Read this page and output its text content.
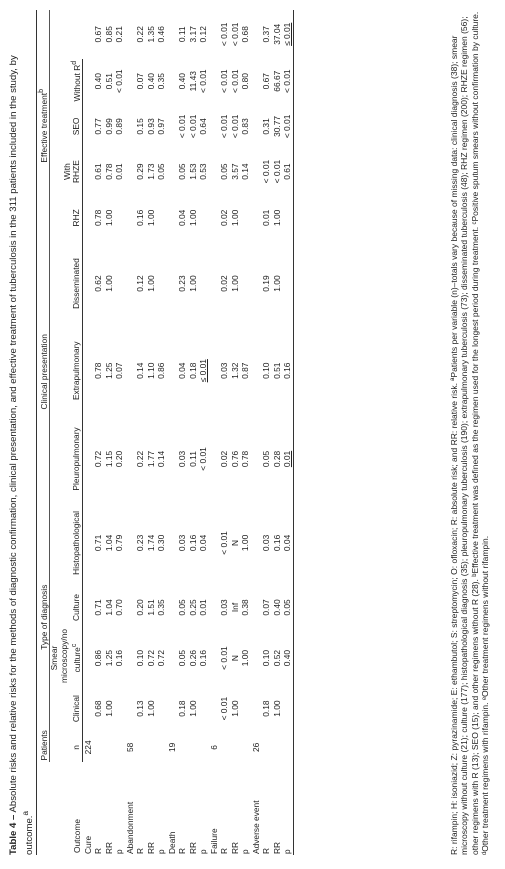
Table 4 – Absolute risks and relative risks for the methods of diagnostic confirmation, clinical presentation, and effective treatment of tuberculosis in the 311 patients included in the study, by outcome.$^a$
Outcome	Patients	Type of diagnosis				Clinical presentation			Effective treatment$^b$
	n	Clinical	Smear microscopy/no culture$^c$	Culture	Histopathological	Pleuropulmonary	Extrapulmonary	Disseminated	RHZ	With RHZE	SEO	Without $R^d$
Cure	224												
R		0.68	0.86	0.71	0.71	0.72	0.78	0.62	0.78	0.61	0.77	0.40	0.67
RR		1.00	1.25	1.04	1.04	1.15	1.25	1.00	1.00	0.78	0.99	0.51	0.85
p			0.16	0.70	0.79	0.20	0.07			0.01	0.89	< 0.01	0.21
Abandonment	58												
R		0.13	0.10	0.20	0.23	0.22	0.14	0.12	0.16	0.29	0.15	0.07	0.22
RR		1.00	0.72	1.51	1.74	1.77	1.10	1.00	1.00	1.73	0.93	0.40	1.35
p			0.72	0.35	0.30	0.14	0.86			0.05	0.97	0.35	0.46
Death	19												
R		0.18	0.05	0.05	0.03	0.03	0.04	0.23	0.04	0.05	< 0.01	0.40	0.11
RR		1.00	0.26	0.25	0.16	0.11	0.18	1.00	1.00	1.53	< 0.01	11.43	3.17
p			0.16	0.01	0.04	< 0.01	≤ 0.01			0.53	0.64	< 0.01	0.12
Failure	6												
R		< 0.01	< 0.01	0.03	< 0.01	0.02	0.03	0.02	0.02	0.05	< 0.01	< 0.01	< 0.01
RR		1.00	N	Inf	N	0.76	1.32	1.00	1.00	3.57	< 0.01	< 0.01	< 0.01
p			1.00	0.38	1.00	0.78	0.87			0.14	0.83	0.80	0.68
Adverse event	26												
R		0.18	0.10	0.07	0.03	0.05	0.10	0.19	0.01	< 0.01	0.31	0.67	0.37
RR		1.00	0.52	0.40	0.16	0.28	0.51	1.00	1.00	< 0.01	30.77	66.67	37.04
p			0.40	0.05	0.04	0.01	0.16			0.61	< 0.01	< 0.01	≤ 0.01
R: rifampin; H: isoniazid; Z: pyrazinamide; E: ethambutol; S: streptomycin; O: ofloxacin; R: absolute risk; and RR: relative risk. ªPatients per variable (n)–totals vary because of missing data: clinical diagnosis (38); smear microscopy without culture (21); culture (177); histopathological diagnosis (35); pleuropulmonary tuberculosis (190); extrapulmonary tuberculosis (73); disseminated tuberculosis (48); RHZ regimen (200); RHZE regimen (56); other regimens with R (13); SEO (15); and other regimens without R (28). ᵇEffective treatment was defined as the regimen used for the longest period during treatment. ᶜPositive sputum smears without confirmation by culture. ᵈOther treatment regimens with rifampin. ᵉOther treatment regimens without rifampin.
